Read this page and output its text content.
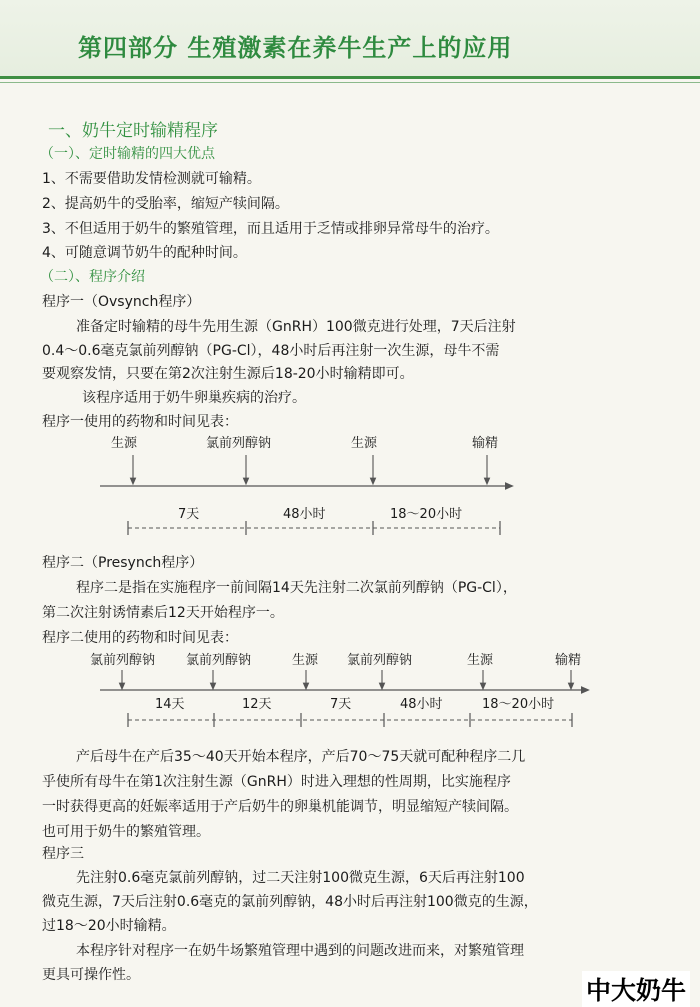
第四部分 生殖激素在养牛生产上的应用
一、奶牛定时输精程序
（一）、定时输精的四大优点
1、不需要借助发情检测就可输精。
2、提高奶牛的受胎率，缩短产犊间隔。
3、不但适用于奶牛的繁殖管理，而且适用于乏情或排卵异常母牛的治疗。
4、可随意调节奶牛的配种时间。
（二）、程序介绍
程序一（Ovsynch程序）
准备定时输精的母牛先用生源（GnRH）100微克进行处理，7天后注射
0.4～0.6毫克氯前列醇钠（PG-Cl），48小时后再注射一次生源，母牛不需
要观察发情，只要在第2次注射生源后18-20小时输精即可。
该程序适用于奶牛卵巢疾病的治疗。
程序一使用的药物和时间见表：
生源	氯前列醇钠	生源	输精
7天	48小时	18～20小时
程序二（Presynch程序）
程序二是指在实施程序一前间隔14天先注射二次氯前列醇钠（PG-Cl），
第二次注射诱情素后12天开始程序一。
程序二使用的药物和时间见表：
氯前列醇钠 氯前列醇钠	生源 氯前列醇钠	生源	输精
14天	12天	7天	48小时	18～20小时
产后母牛在产后35～40天开始本程序，产后70～75天就可配种程序二几
乎使所有母牛在第1次注射生源（GnRH）时进入理想的性周期，比实施程序
一时获得更高的妊娠率适用于产后奶牛的卵巢机能调节，明显缩短产犊间隔。
也可用于奶牛的繁殖管理。
程序三
先注射0.6毫克氯前列醇钠，过二天注射100微克生源，6天后再注射100
微克生源，7天后注射0.6毫克的氯前列醇钠，48小时后再注射100微克的生源，
过18～20小时输精。
本程序针对程序一在奶牛场繁殖管理中遇到的问题改进而来，对繁殖管理
更具可操作性。
中大奶牛
